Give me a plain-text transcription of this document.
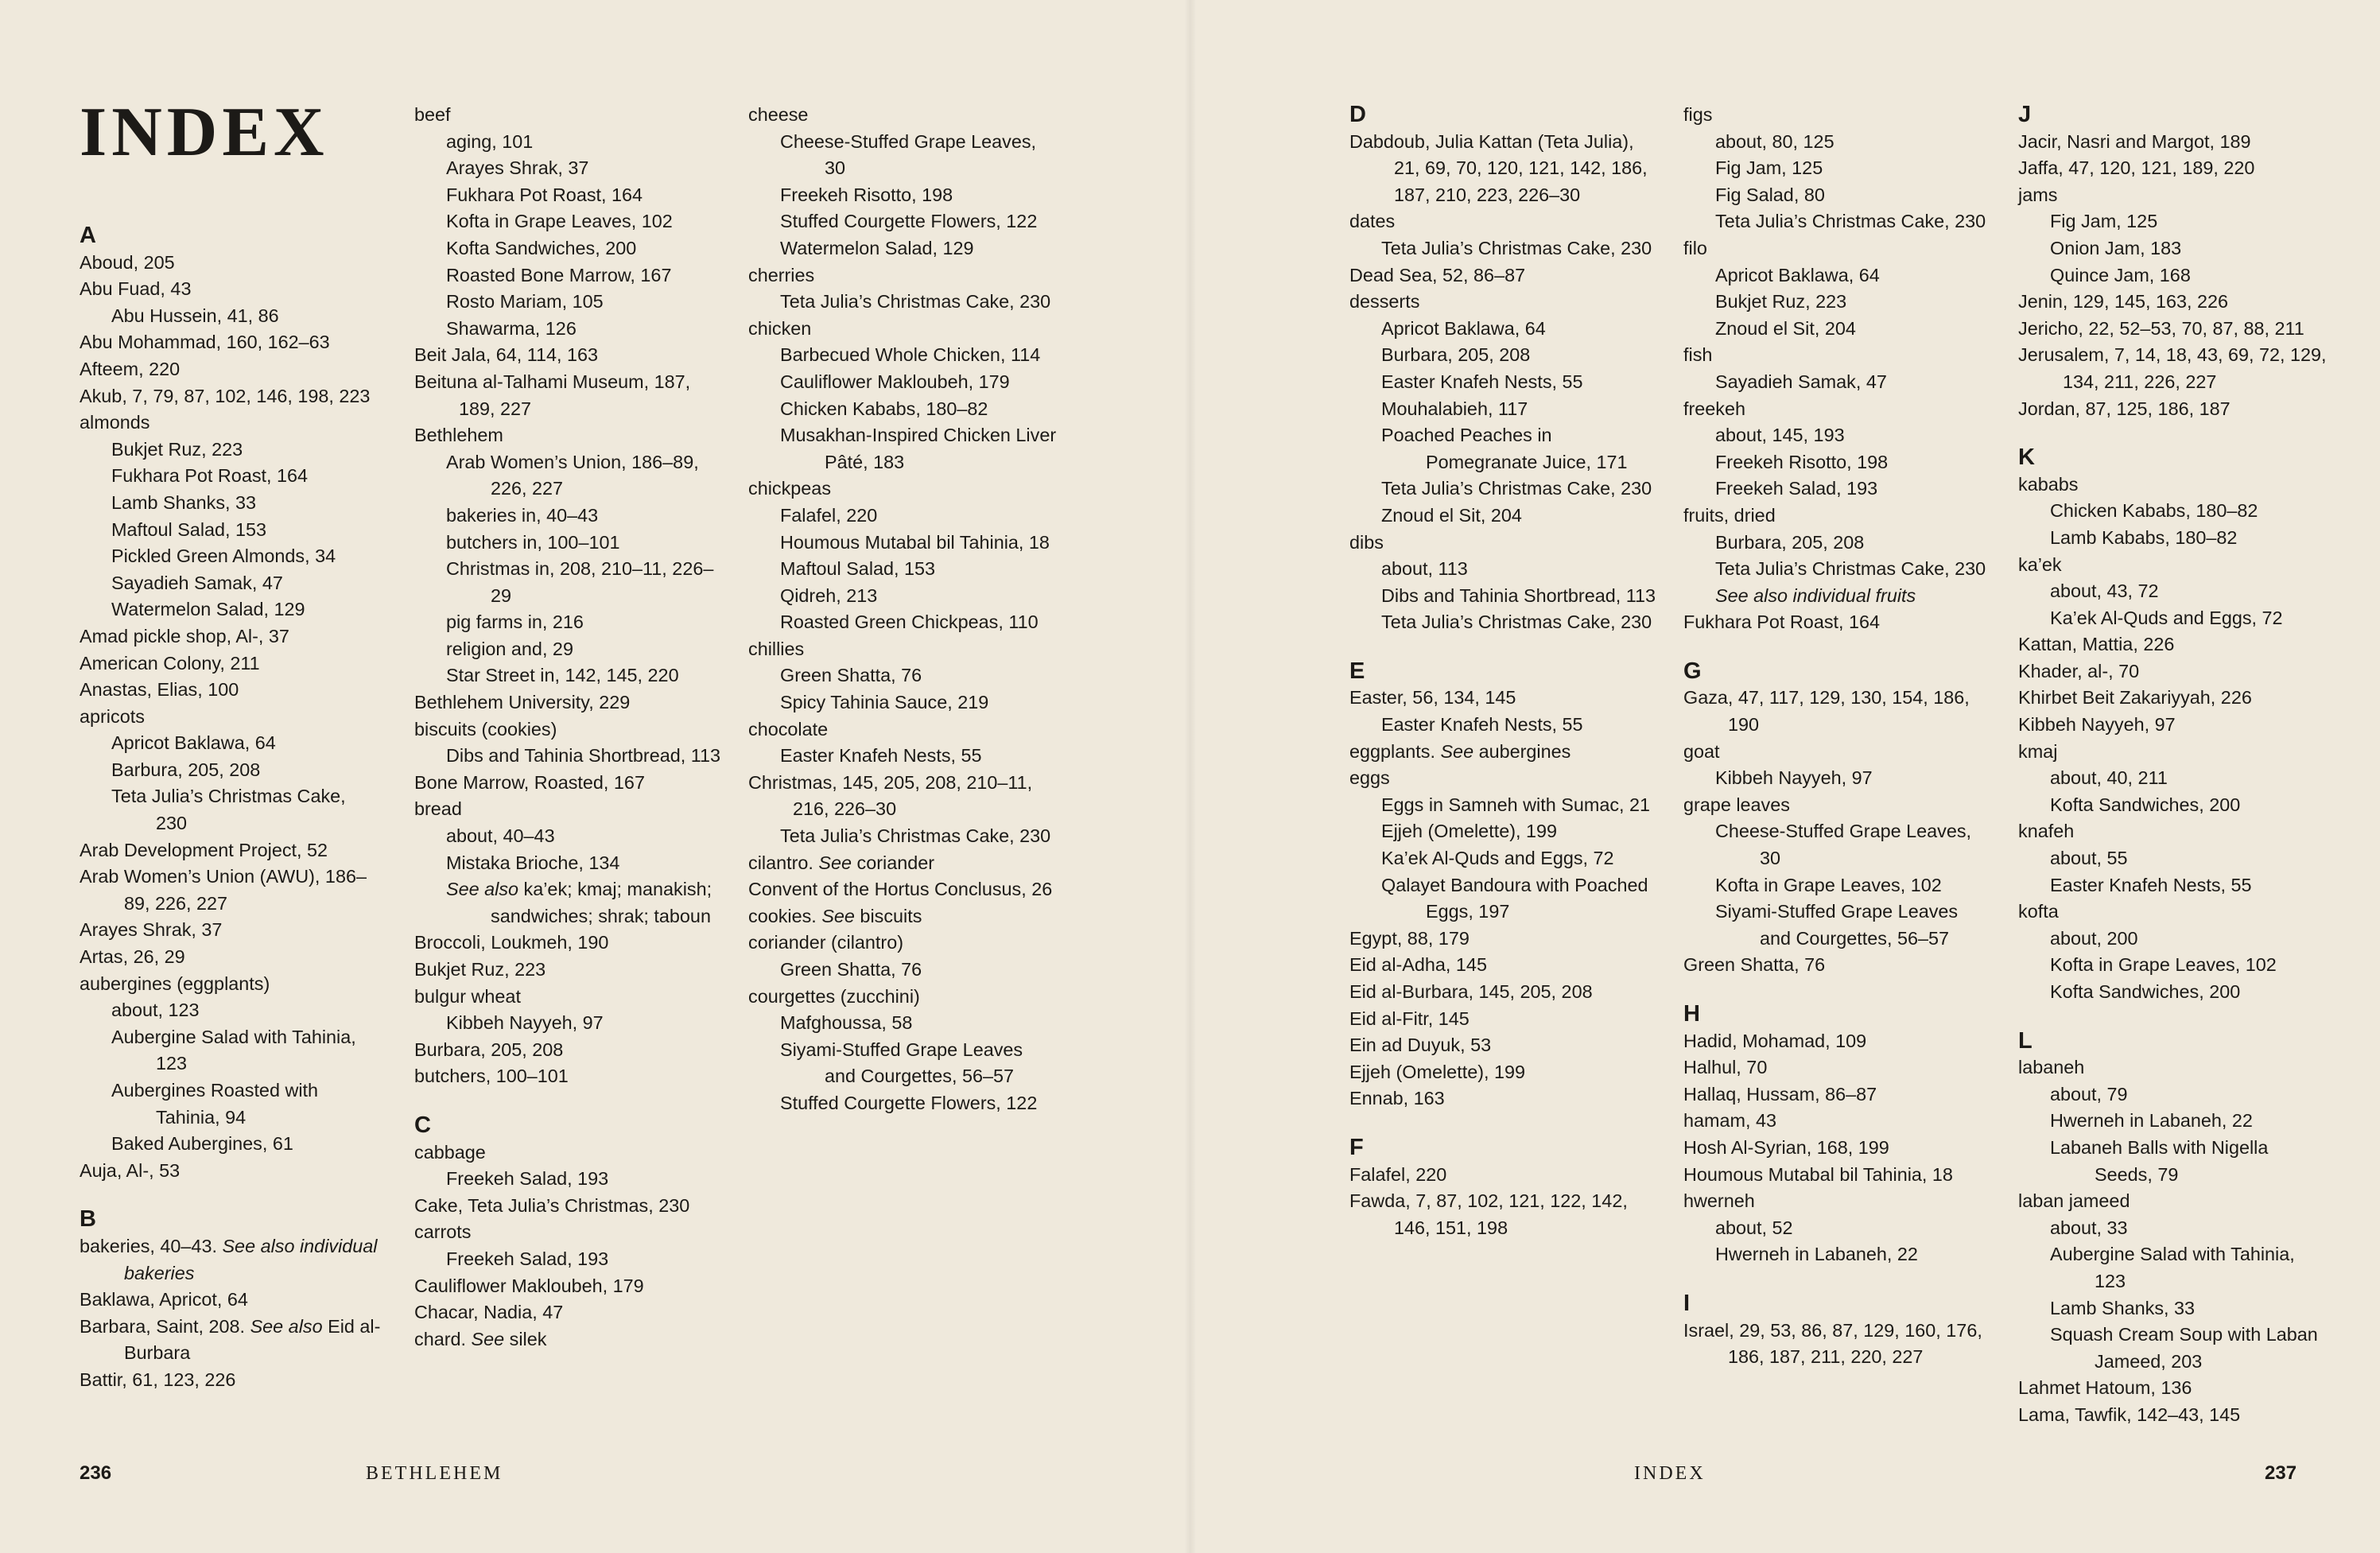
INDEX
A
Aboud, 205
Abu Fuad, 43
Abu Hussein, 41, 86
Abu Mohammad, 160, 162–63
Afteem, 220
Akub, 7, 79, 87, 102, 146, 198, 223
almonds
Bukjet Ruz, 223
Fukhara Pot Roast, 164
Lamb Shanks, 33
Maftoul Salad, 153
Pickled Green Almonds, 34
Sayadieh Samak, 47
Watermelon Salad, 129
Amad pickle shop, Al-, 37
American Colony, 211
Anastas, Elias, 100
apricots
Apricot Baklawa, 64
Barbura, 205, 208
Teta Julia’s Christmas Cake, 230
Arab Development Project, 52
Arab Women’s Union (AWU), 186–89, 226, 227
Arayes Shrak, 37
Artas, 26, 29
aubergines (eggplants)
about, 123
Aubergine Salad with Tahinia, 123
Aubergines Roasted with Tahinia, 94
Baked Aubergines, 61
Auja, Al-, 53
B
bakeries, 40–43. See also individual bakeries
Baklawa, Apricot, 64
Barbara, Saint, 208. See also Eid al-Burbara
Battir, 61, 123, 226
beef
aging, 101
Arayes Shrak, 37
Fukhara Pot Roast, 164
Kofta in Grape Leaves, 102
Kofta Sandwiches, 200
Roasted Bone Marrow, 167
Rosto Mariam, 105
Shawarma, 126
Beit Jala, 64, 114, 163
Beituna al-Talhami Museum, 187, 189, 227
Bethlehem
Arab Women’s Union, 186–89, 226, 227
bakeries in, 40–43
butchers in, 100–101
Christmas in, 208, 210–11, 226–29
pig farms in, 216
religion and, 29
Star Street in, 142, 145, 220
Bethlehem University, 229
biscuits (cookies)
Dibs and Tahinia Shortbread, 113
Bone Marrow, Roasted, 167
bread
about, 40–43
Mistaka Brioche, 134
See also ka’ek; kmaj; manakish; sandwiches; shrak; taboun
Broccoli, Loukmeh, 190
Bukjet Ruz, 223
bulgur wheat
Kibbeh Nayyeh, 97
Burbara, 205, 208
butchers, 100–101
C
cabbage
Freekeh Salad, 193
Cake, Teta Julia’s Christmas, 230
carrots
Freekeh Salad, 193
Cauliflower Makloubeh, 179
Chacar, Nadia, 47
chard. See silek
cheese
Cheese-Stuffed Grape Leaves, 30
Freekeh Risotto, 198
Stuffed Courgette Flowers, 122
Watermelon Salad, 129
cherries
Teta Julia’s Christmas Cake, 230
chicken
Barbecued Whole Chicken, 114
Cauliflower Makloubeh, 179
Chicken Kababs, 180–82
Musakhan-Inspired Chicken Liver Pâté, 183
chickpeas
Falafel, 220
Houmous Mutabal bil Tahinia, 18
Maftoul Salad, 153
Qidreh, 213
Roasted Green Chickpeas, 110
chillies
Green Shatta, 76
Spicy Tahinia Sauce, 219
chocolate
Easter Knafeh Nests, 55
Christmas, 145, 205, 208, 210–11, 216, 226–30
Teta Julia’s Christmas Cake, 230
cilantro. See coriander
Convent of the Hortus Conclusus, 26
cookies. See biscuits
coriander (cilantro)
Green Shatta, 76
courgettes (zucchini)
Mafghoussa, 58
Siyami-Stuffed Grape Leaves and Courgettes, 56–57
Stuffed Courgette Flowers, 122
D
Dabdoub, Julia Kattan (Teta Julia), 21, 69, 70, 120, 121, 142, 186, 187, 210, 223, 226–30
dates
Teta Julia’s Christmas Cake, 230
Dead Sea, 52, 86–87
desserts
Apricot Baklawa, 64
Burbara, 205, 208
Easter Knafeh Nests, 55
Mouhalabieh, 117
Poached Peaches in Pomegranate Juice, 171
Teta Julia’s Christmas Cake, 230
Znoud el Sit, 204
dibs
about, 113
Dibs and Tahinia Shortbread, 113
Teta Julia’s Christmas Cake, 230
E
Easter, 56, 134, 145
Easter Knafeh Nests, 55
eggplants. See aubergines
eggs
Eggs in Samneh with Sumac, 21
Ejjeh (Omelette), 199
Ka’ek Al-Quds and Eggs, 72
Qalayet Bandoura with Poached Eggs, 197
Egypt, 88, 179
Eid al-Adha, 145
Eid al-Burbara, 145, 205, 208
Eid al-Fitr, 145
Ein ad Duyuk, 53
Ejjeh (Omelette), 199
Ennab, 163
F
Falafel, 220
Fawda, 7, 87, 102, 121, 122, 142, 146, 151, 198
figs
about, 80, 125
Fig Jam, 125
Fig Salad, 80
Teta Julia’s Christmas Cake, 230
filo
Apricot Baklawa, 64
Bukjet Ruz, 223
Znoud el Sit, 204
fish
Sayadieh Samak, 47
freekeh
about, 145, 193
Freekeh Risotto, 198
Freekeh Salad, 193
fruits, dried
Burbara, 205, 208
Teta Julia’s Christmas Cake, 230
See also individual fruits
Fukhara Pot Roast, 164
G
Gaza, 47, 117, 129, 130, 154, 186, 190
goat
Kibbeh Nayyeh, 97
grape leaves
Cheese-Stuffed Grape Leaves, 30
Kofta in Grape Leaves, 102
Siyami-Stuffed Grape Leaves and Courgettes, 56–57
Green Shatta, 76
H
Hadid, Mohamad, 109
Halhul, 70
Hallaq, Hussam, 86–87
hamam, 43
Hosh Al-Syrian, 168, 199
Houmous Mutabal bil Tahinia, 18
hwerneh
about, 52
Hwerneh in Labaneh, 22
I
Israel, 29, 53, 86, 87, 129, 160, 176, 186, 187, 211, 220, 227
J
Jacir, Nasri and Margot, 189
Jaffa, 47, 120, 121, 189, 220
jams
Fig Jam, 125
Onion Jam, 183
Quince Jam, 168
Jenin, 129, 145, 163, 226
Jericho, 22, 52–53, 70, 87, 88, 211
Jerusalem, 7, 14, 18, 43, 69, 72, 129, 134, 211, 226, 227
Jordan, 87, 125, 186, 187
K
kababs
Chicken Kababs, 180–82
Lamb Kababs, 180–82
ka’ek
about, 43, 72
Ka’ek Al-Quds and Eggs, 72
Kattan, Mattia, 226
Khader, al-, 70
Khirbet Beit Zakariyyah, 226
Kibbeh Nayyeh, 97
kmaj
about, 40, 211
Kofta Sandwiches, 200
knafeh
about, 55
Easter Knafeh Nests, 55
kofta
about, 200
Kofta in Grape Leaves, 102
Kofta Sandwiches, 200
L
labaneh
about, 79
Hwerneh in Labaneh, 22
Labaneh Balls with Nigella Seeds, 79
laban jameed
about, 33
Aubergine Salad with Tahinia, 123
Lamb Shanks, 33
Squash Cream Soup with Laban Jameed, 203
Lahmet Hatoum, 136
Lama, Tawfik, 142–43, 145
236	BETHLEHEM	INDEX	237
